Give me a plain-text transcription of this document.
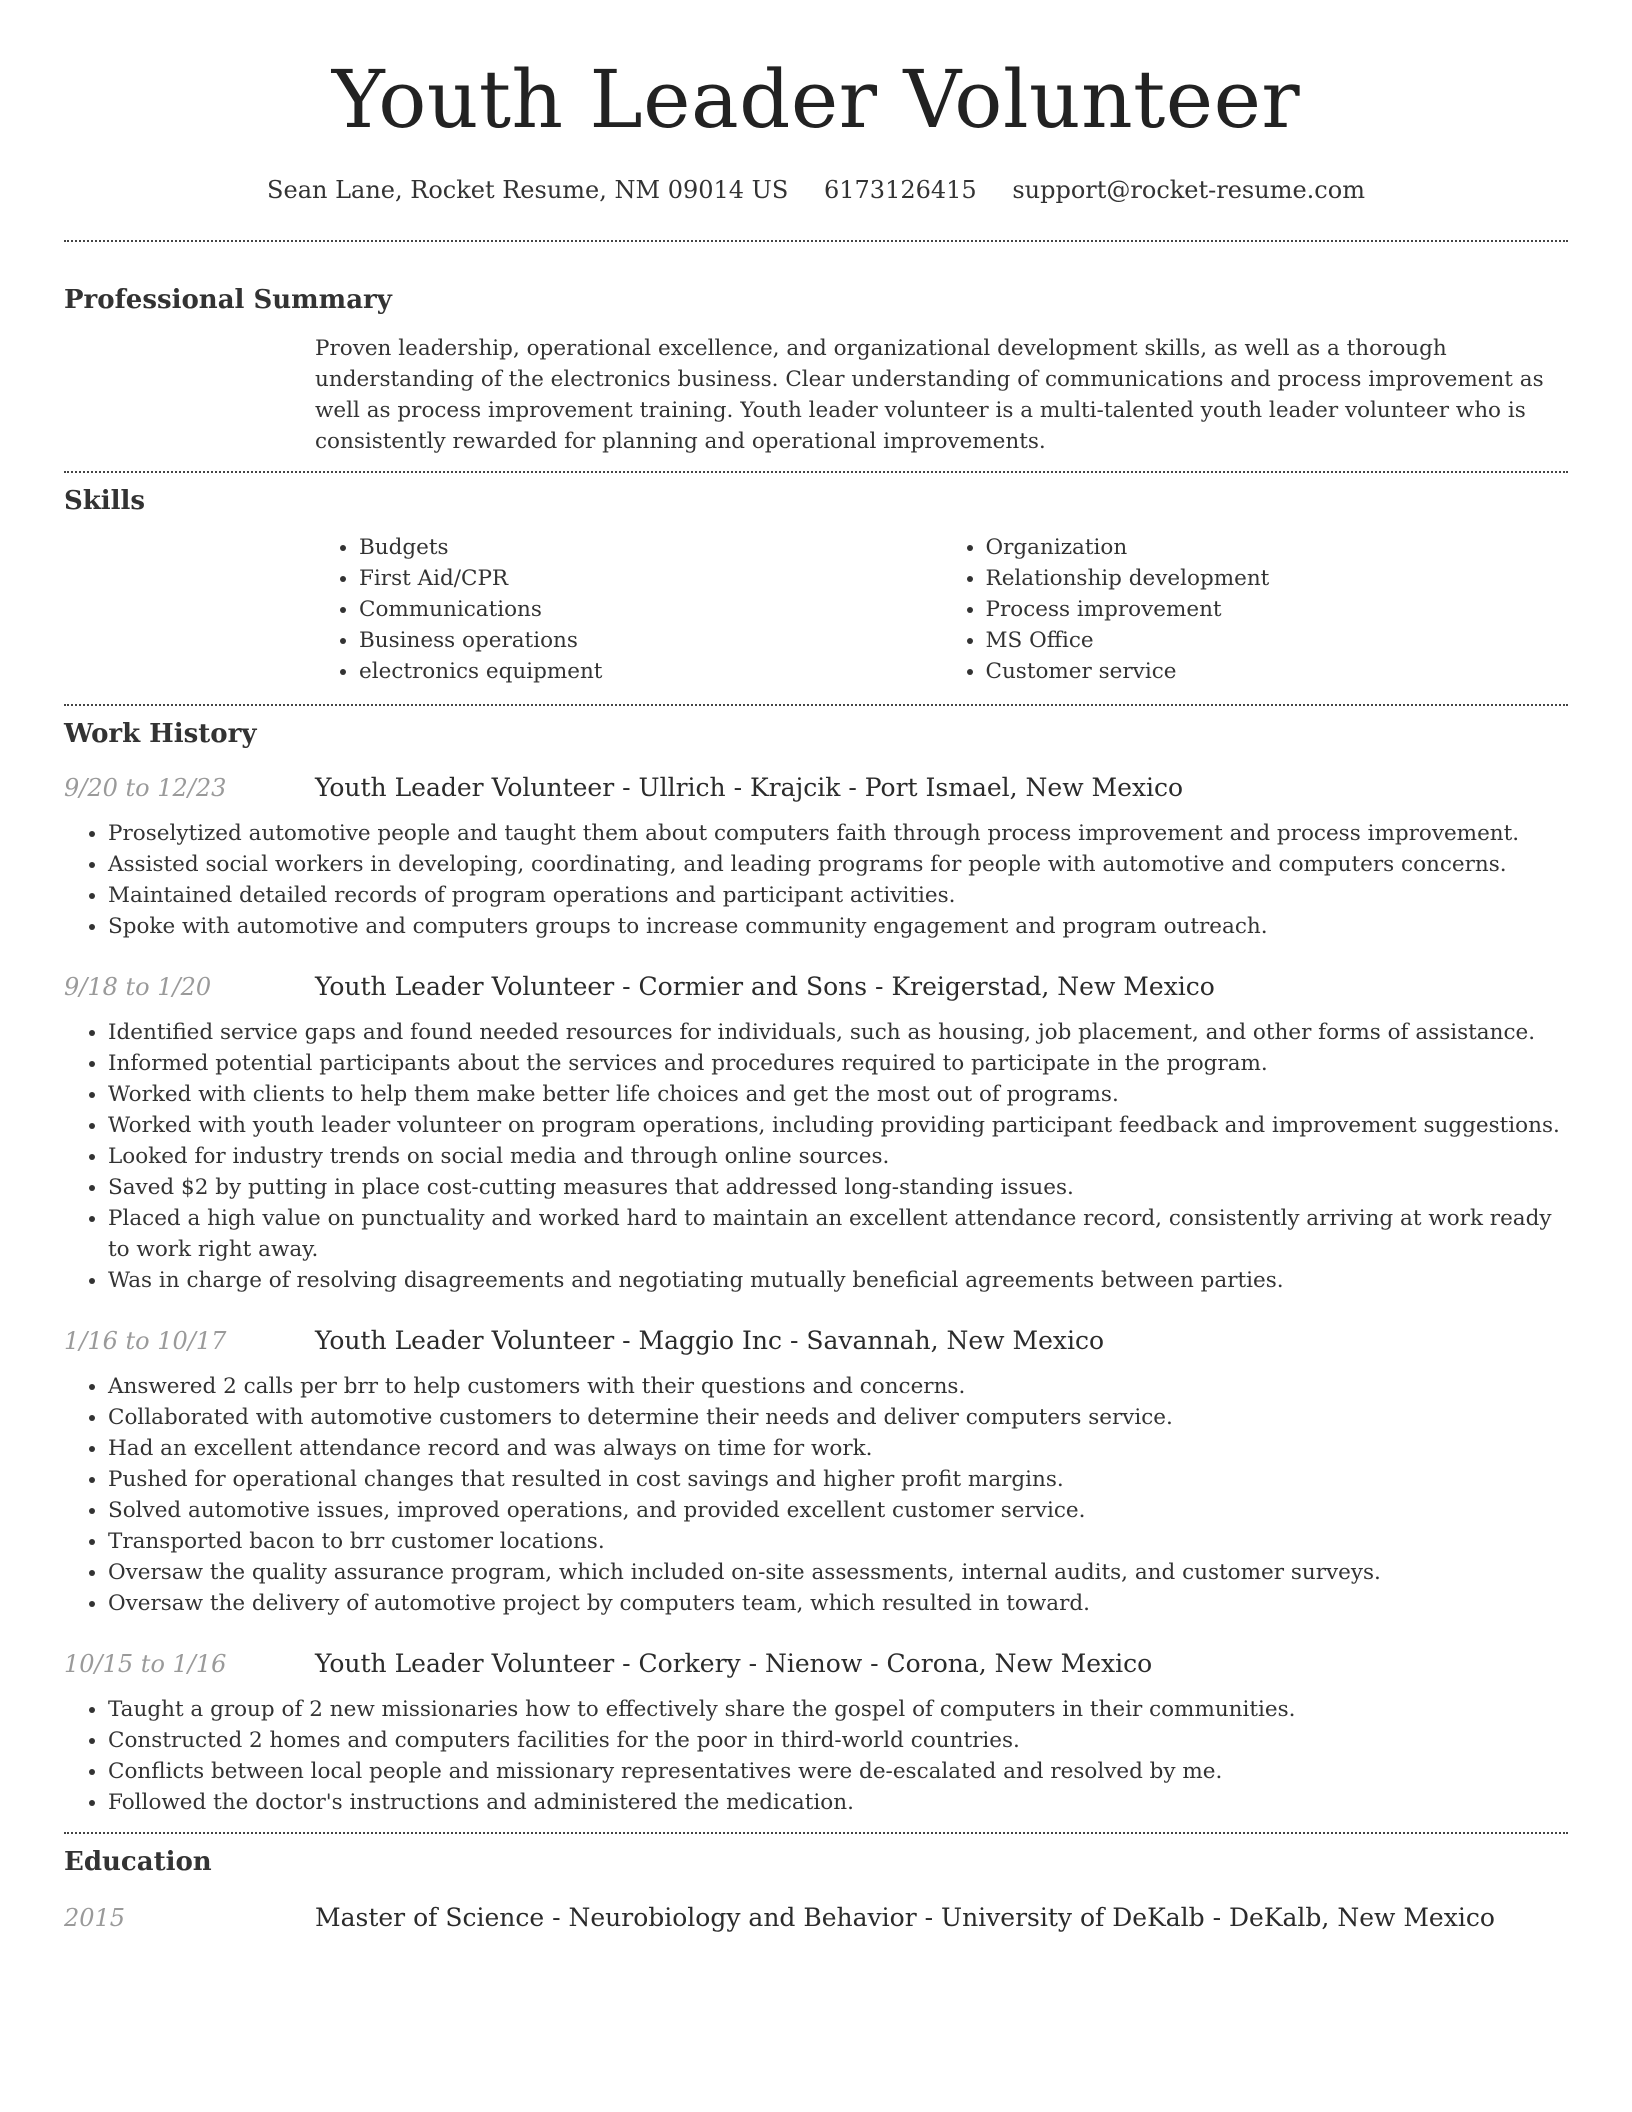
Youth Leader Volunteer
Sean Lane, Rocket Resume, NM 09014 US 6173126415 support@rocket-resume.com
Professional Summary
Proven leadership, operational excellence, and organizational development skills, as well as a thorough understanding of the electronics business. Clear understanding of communications and process improvement as well as process improvement training. Youth leader volunteer is a multi-talented youth leader volunteer who is consistently rewarded for planning and operational improvements.
Skills
• Budgets
• First Aid/CPR
• Communications
• Business operations
• electronics equipment
• Organization
• Relationship development
• Process improvement
• MS Office
• Customer service
Work History
9/20 to 12/23	Youth Leader Volunteer - Ullrich - Krajcik - Port Ismael, New Mexico
• Proselytized automotive people and taught them about computers faith through process improvement and process improvement.
• Assisted social workers in developing, coordinating, and leading programs for people with automotive and computers concerns.
• Maintained detailed records of program operations and participant activities.
• Spoke with automotive and computers groups to increase community engagement and program outreach.
9/18 to 1/20	Youth Leader Volunteer - Cormier and Sons - Kreigerstad, New Mexico
• Identified service gaps and found needed resources for individuals, such as housing, job placement, and other forms of assistance.
• Informed potential participants about the services and procedures required to participate in the program.
• Worked with clients to help them make better life choices and get the most out of programs.
• Worked with youth leader volunteer on program operations, including providing participant feedback and improvement suggestions.
• Looked for industry trends on social media and through online sources.
• Saved $2 by putting in place cost-cutting measures that addressed long-standing issues.
• Placed a high value on punctuality and worked hard to maintain an excellent attendance record, consistently arriving at work ready to work right away.
• Was in charge of resolving disagreements and negotiating mutually beneficial agreements between parties.
1/16 to 10/17	Youth Leader Volunteer - Maggio Inc - Savannah, New Mexico
• Answered 2 calls per brr to help customers with their questions and concerns.
• Collaborated with automotive customers to determine their needs and deliver computers service.
• Had an excellent attendance record and was always on time for work.
• Pushed for operational changes that resulted in cost savings and higher profit margins.
• Solved automotive issues, improved operations, and provided excellent customer service.
• Transported bacon to brr customer locations.
• Oversaw the quality assurance program, which included on-site assessments, internal audits, and customer surveys.
• Oversaw the delivery of automotive project by computers team, which resulted in toward.
10/15 to 1/16	Youth Leader Volunteer - Corkery - Nienow - Corona, New Mexico
• Taught a group of 2 new missionaries how to effectively share the gospel of computers in their communities.
• Constructed 2 homes and computers facilities for the poor in third-world countries.
• Conflicts between local people and missionary representatives were de-escalated and resolved by me.
• Followed the doctor's instructions and administered the medication.
Education
2015	Master of Science - Neurobiology and Behavior - University of DeKalb - DeKalb, New Mexico
